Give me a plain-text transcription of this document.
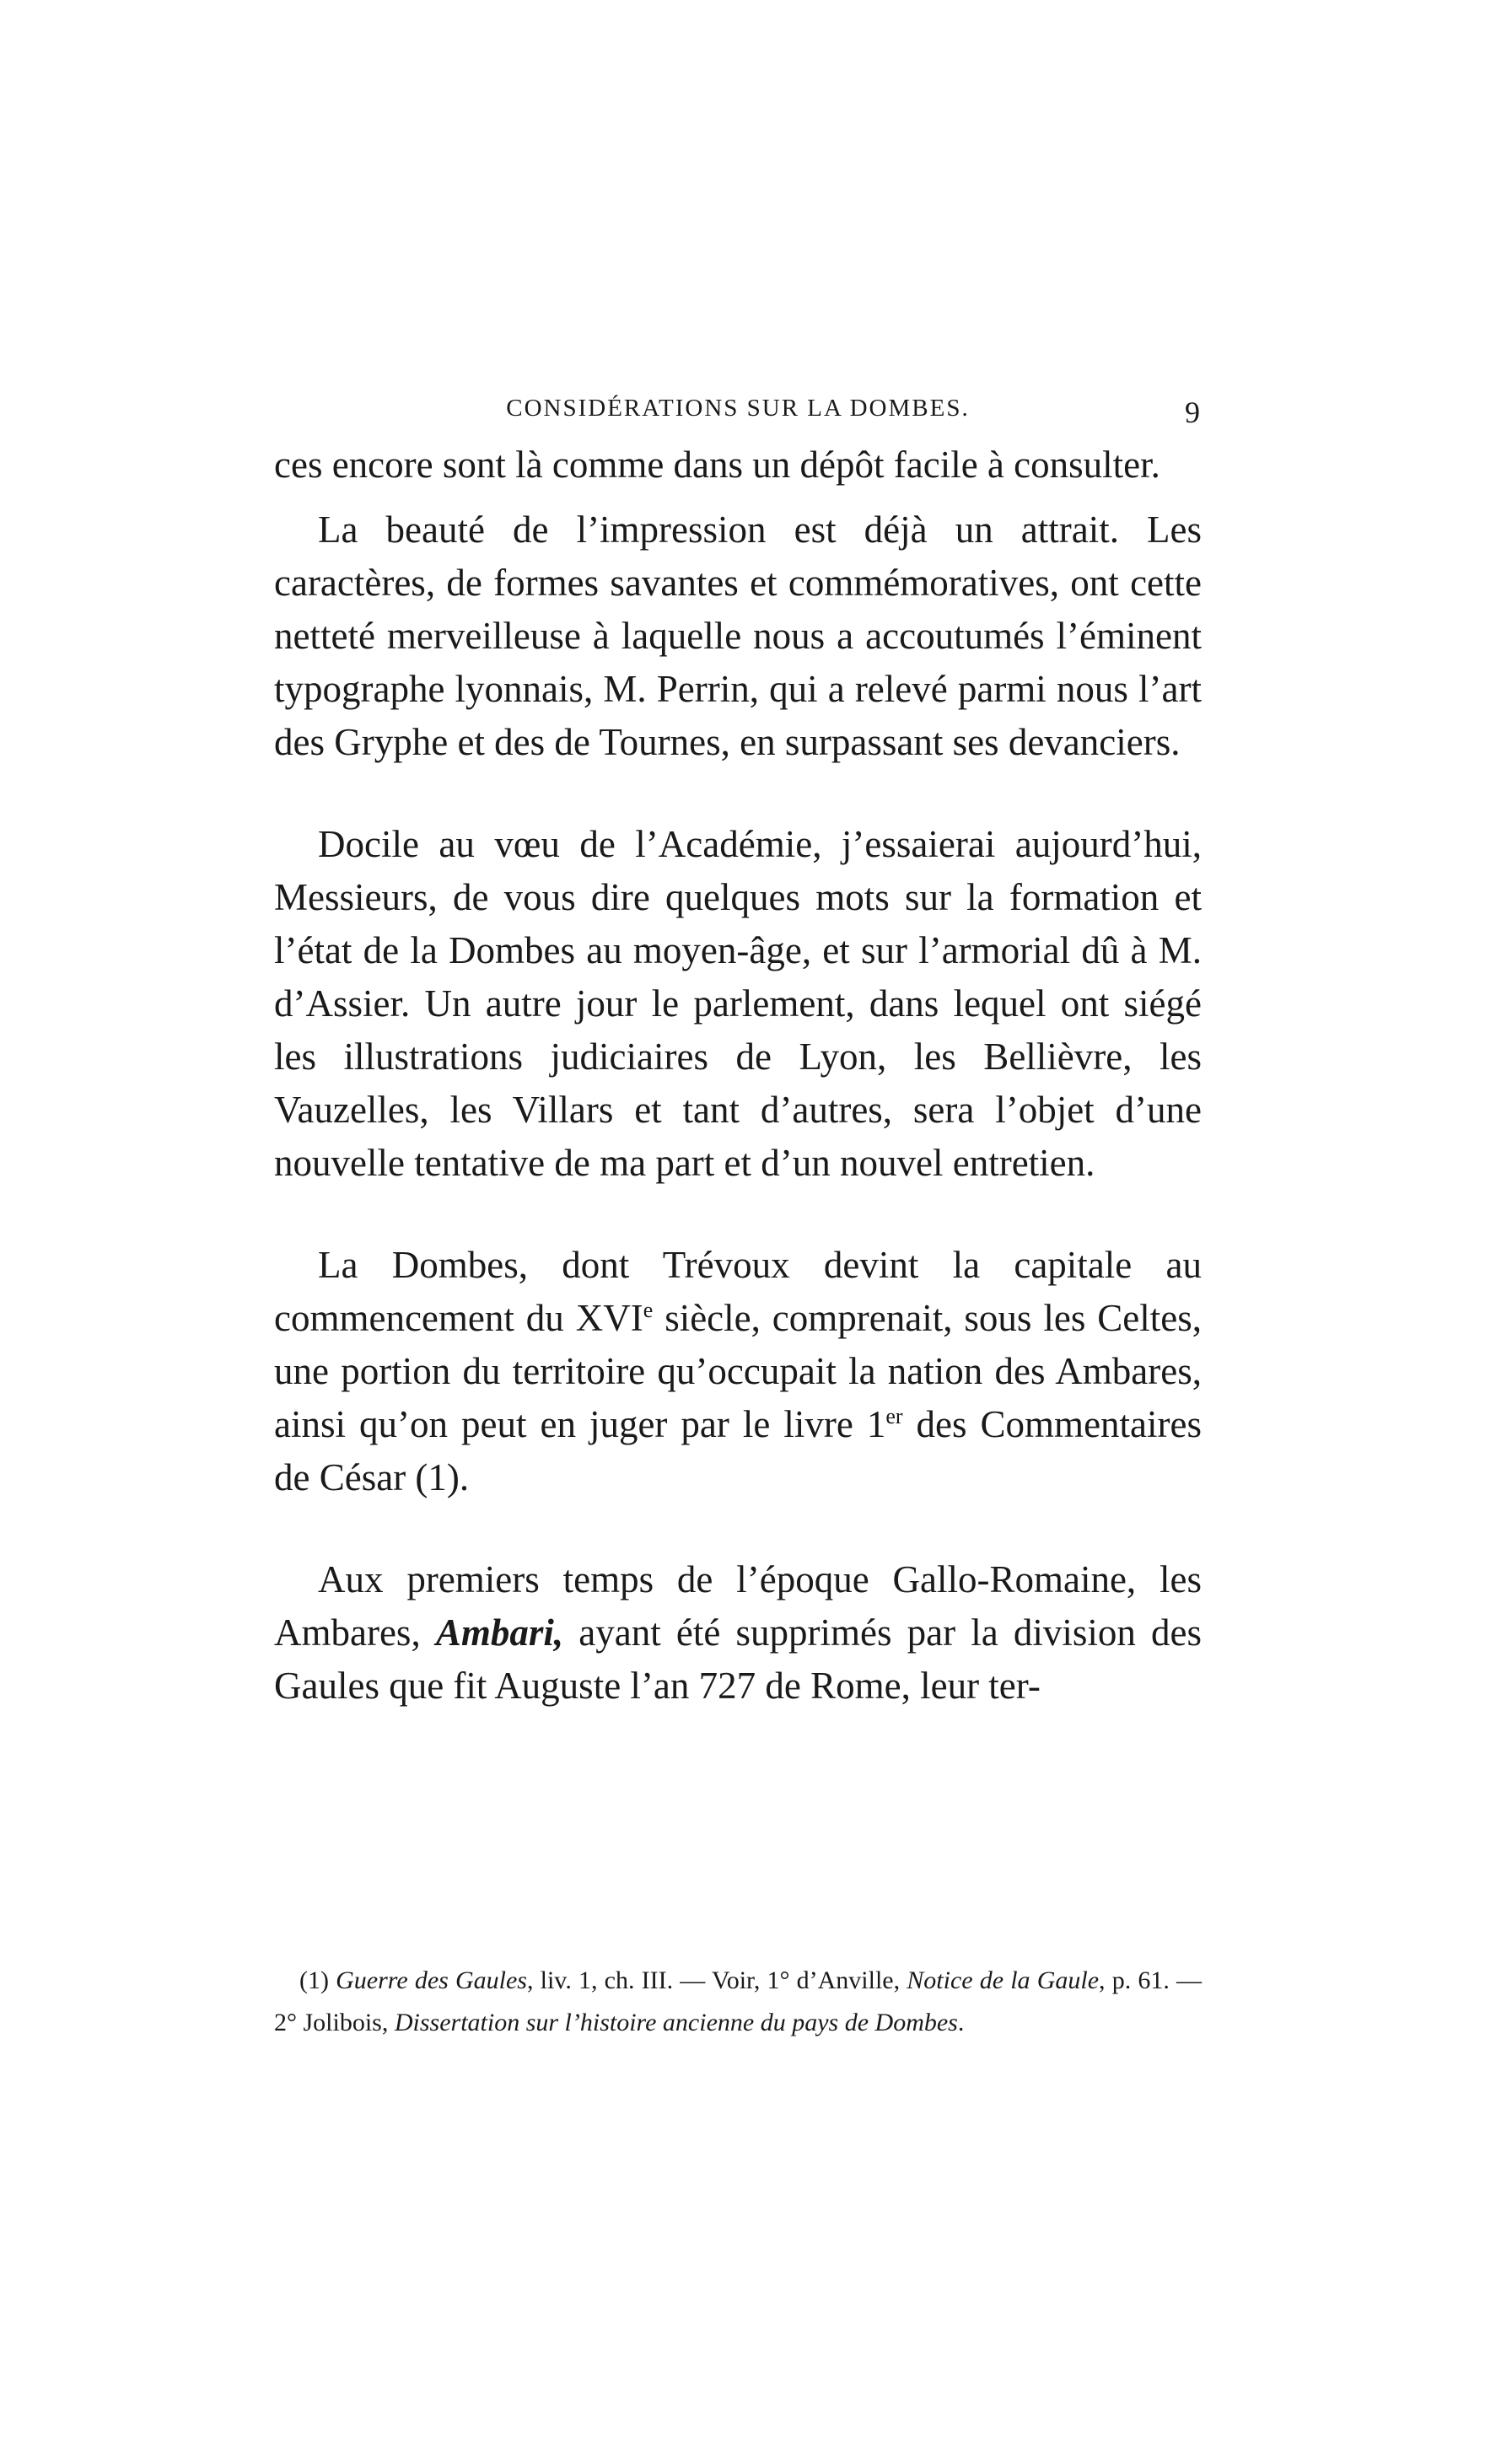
CONSIDÉRATIONS SUR LA DOMBES.	9

ces encore sont là comme dans un dépôt facile à consulter.

La beauté de l’impression est déjà un attrait. Les caractères, de formes savantes et commémoratives, ont cette netteté merveilleuse à laquelle nous a accoutumés l’éminent typographe lyonnais, M. Perrin, qui a relevé parmi nous l’art des Gryphe et des de Tournes, en surpassant ses devanciers.

Docile au vœu de l’Académie, j’essaierai aujourd’hui, Messieurs, de vous dire quelques mots sur la formation et l’état de la Dombes au moyen-âge, et sur l’armorial dû à M. d’Assier. Un autre jour le parlement, dans lequel ont siégé les illustrations judiciaires de Lyon, les Bellièvre, les Vauzelles, les Villars et tant d’autres, sera l’objet d’une nouvelle tentative de ma part et d’un nouvel entretien.

La Dombes, dont Trévoux devint la capitale au commencement du XVIe siècle, comprenait, sous les Celtes, une portion du territoire qu’occupait la nation des Ambares, ainsi qu’on peut en juger par le livre 1er des Commentaires de César (1).

Aux premiers temps de l’époque Gallo-Romaine, les Ambares, Ambari, ayant été supprimés par la division des Gaules que fit Auguste l’an 727 de Rome, leur ter-

(1) Guerre des Gaules, liv. 1, ch. III. — Voir, 1° d’Anville, Notice de la Gaule, p. 61. — 2° Jolibois, Dissertation sur l’histoire ancienne du pays de Dombes.
